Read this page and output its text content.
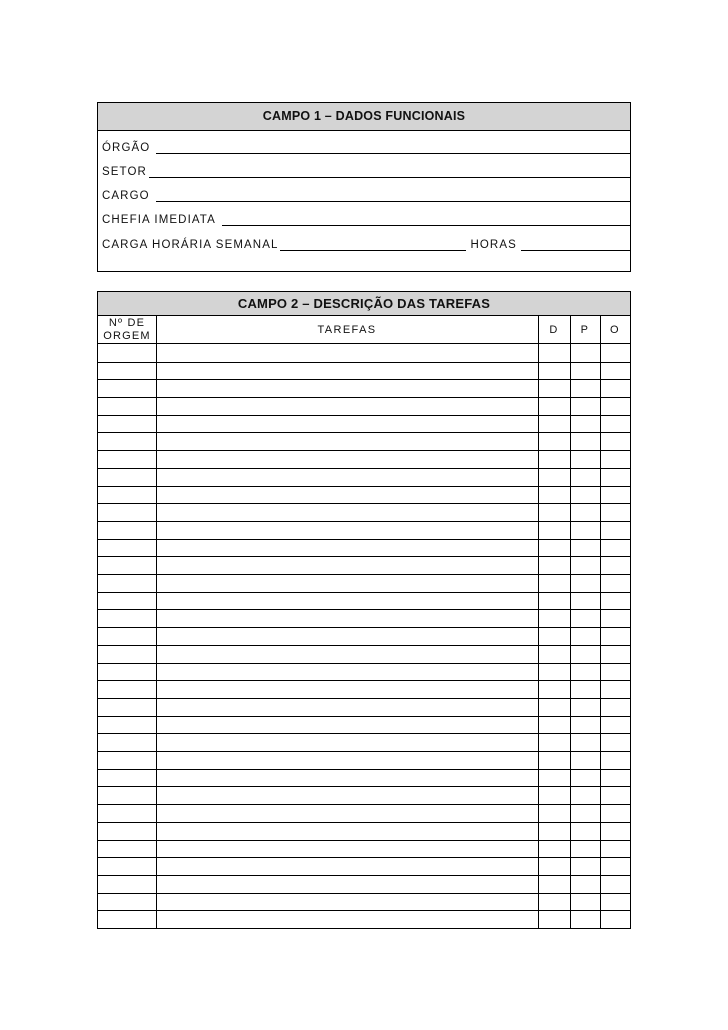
CAMPO 1 – DADOS FUNCIONAIS
ÓRGÃO
SETOR
CARGO
CHEFIA IMEDIATA
CARGA HORÁRIA SEMANAL	HORAS
CAMPO 2 – DESCRIÇÃO DAS TAREFAS
Nº DE
ORGEM	TAREFAS	D	P	O
